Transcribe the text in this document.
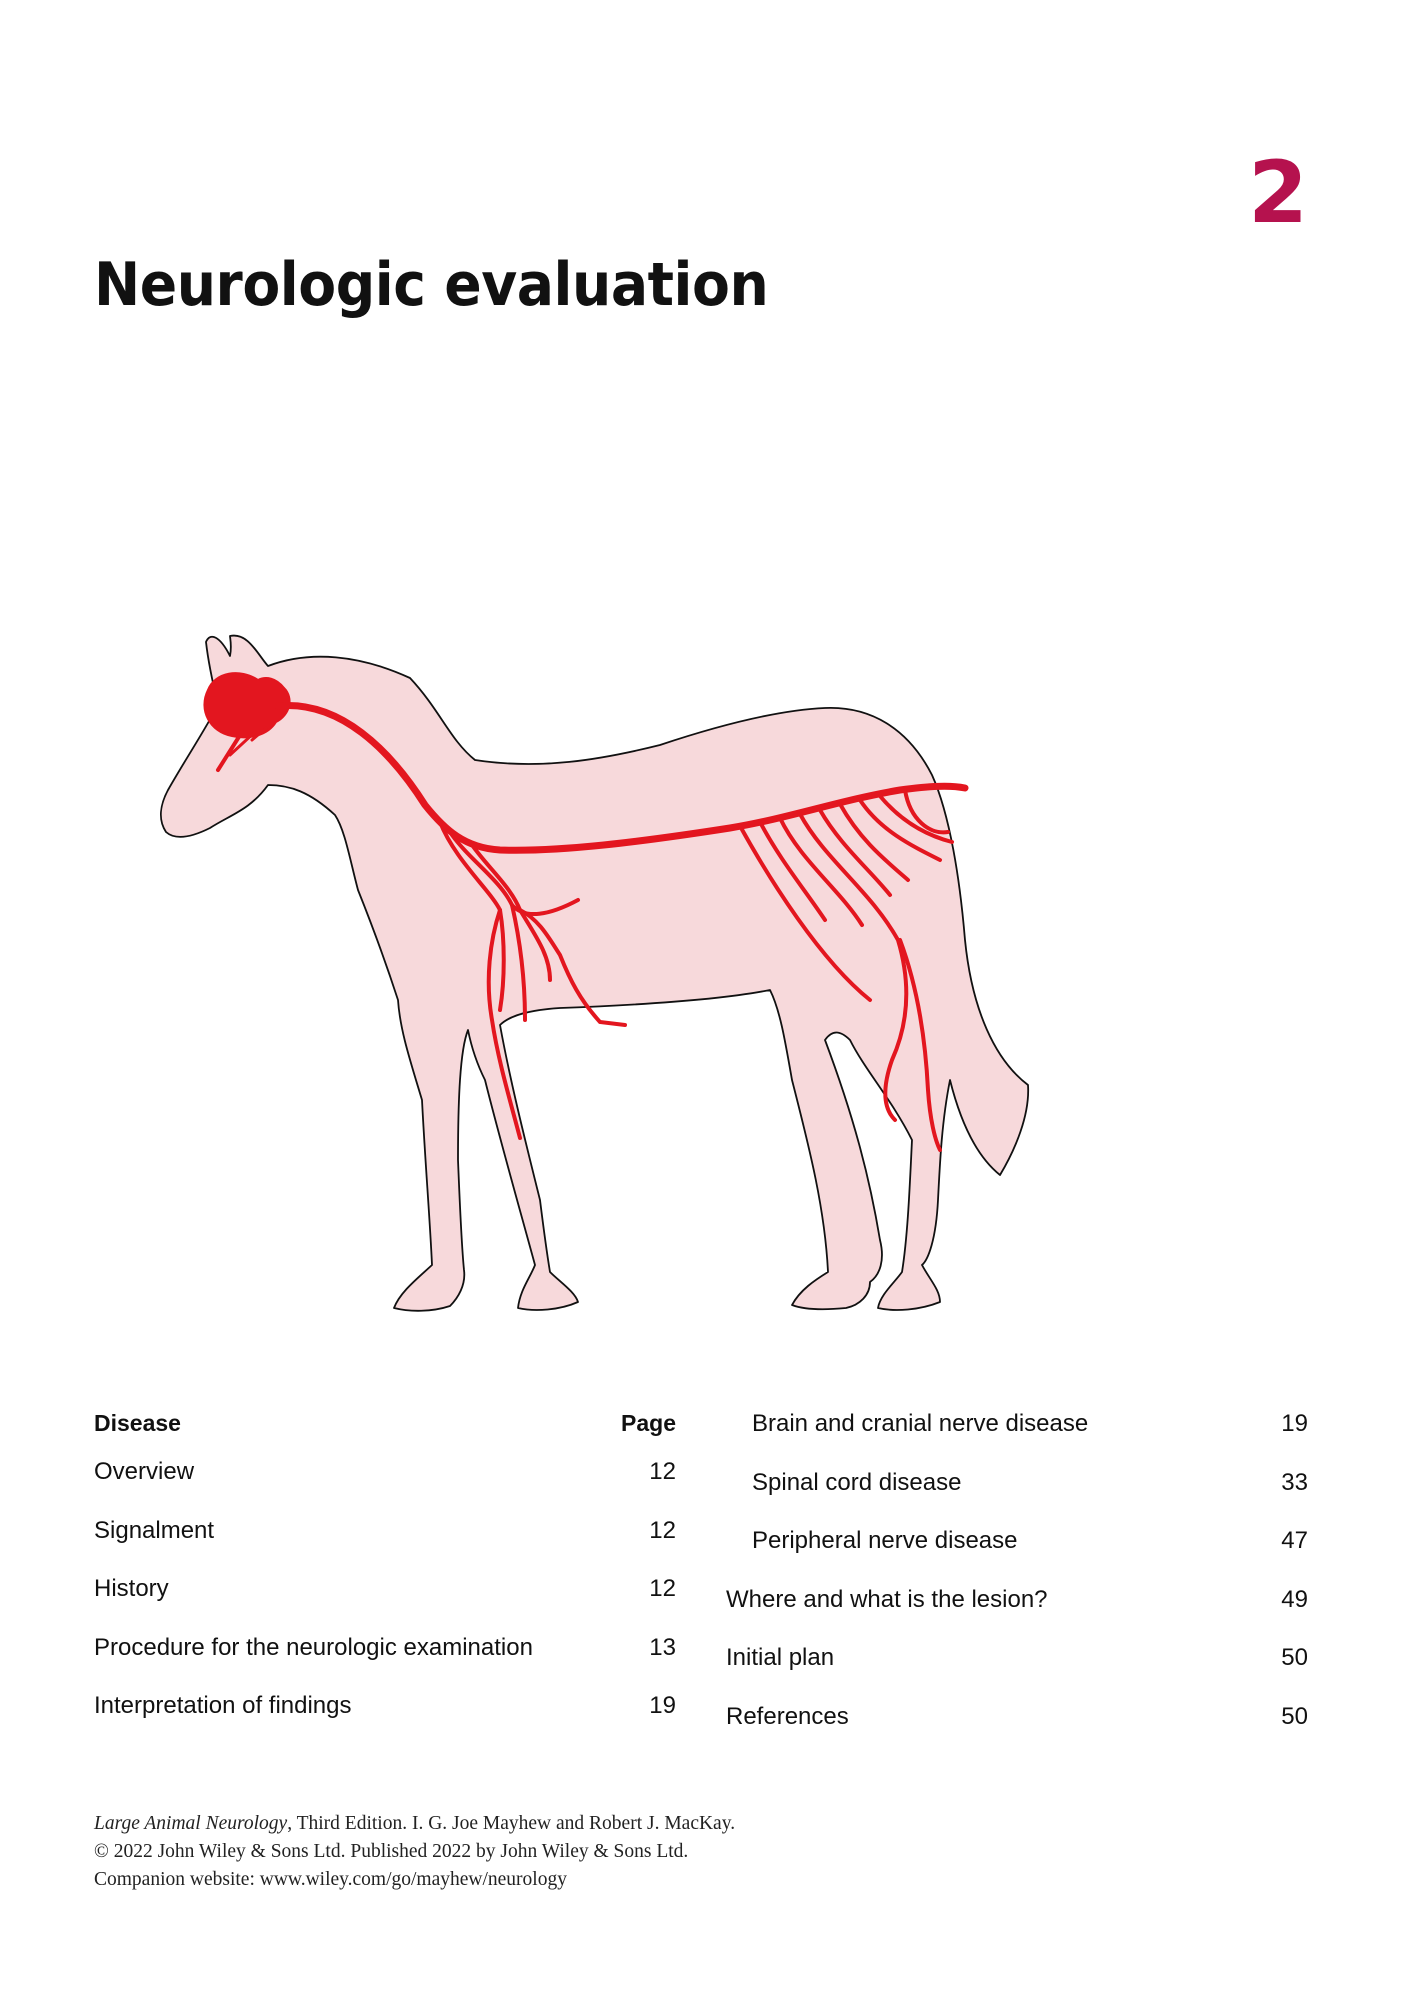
2
Neurologic evaluation
Disease	Page
Overview	12
Signalment	12
History	12
Procedure for the neurologic examination	13
Interpretation of findings	19
Brain and cranial nerve disease	19
Spinal cord disease	33
Peripheral nerve disease	47
Where and what is the lesion?	49
Initial plan	50
References	50
Large Animal Neurology, Third Edition. I. G. Joe Mayhew and Robert J. MacKay.
© 2022 John Wiley & Sons Ltd. Published 2022 by John Wiley & Sons Ltd.
Companion website: www.wiley.com/go/mayhew/neurology
